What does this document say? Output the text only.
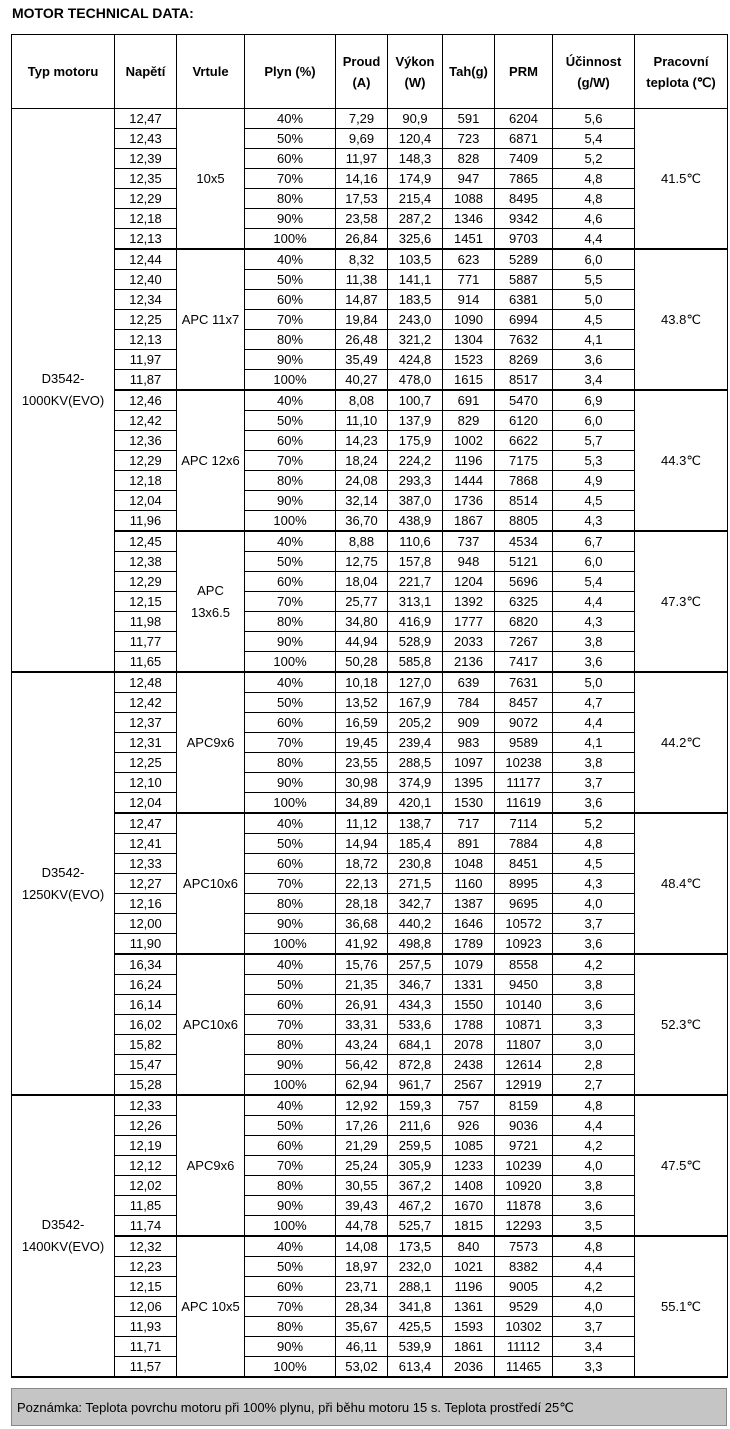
MOTOR TECHNICAL DATA:
Typ motoru	Napětí	Vrtule	Plyn (%)	Proud (A)	Výkon (W)	Tah(g)	PRM	Účinnost (g/W)	Pracovní teplota (℃)
D3542-1000KV(EVO)	12,47	10x5	40%	7,29	90,9	591	6204	5,6	41.5℃
	12,43		50%	9,69	120,4	723	6871	5,4	
	12,39		60%	11,97	148,3	828	7409	5,2	
	12,35		70%	14,16	174,9	947	7865	4,8	
	12,29		80%	17,53	215,4	1088	8495	4,8	
	12,18		90%	23,58	287,2	1346	9342	4,6	
	12,13		100%	26,84	325,6	1451	9703	4,4	
	12,44	APC 11x7	40%	8,32	103,5	623	5289	6,0	43.8℃
	12,40		50%	11,38	141,1	771	5887	5,5	
	12,34		60%	14,87	183,5	914	6381	5,0	
	12,25		70%	19,84	243,0	1090	6994	4,5	
	12,13		80%	26,48	321,2	1304	7632	4,1	
	11,97		90%	35,49	424,8	1523	8269	3,6	
	11,87		100%	40,27	478,0	1615	8517	3,4	
	12,46	APC 12x6	40%	8,08	100,7	691	5470	6,9	44.3℃
	12,42		50%	11,10	137,9	829	6120	6,0	
	12,36		60%	14,23	175,9	1002	6622	5,7	
	12,29		70%	18,24	224,2	1196	7175	5,3	
	12,18		80%	24,08	293,3	1444	7868	4,9	
	12,04		90%	32,14	387,0	1736	8514	4,5	
	11,96		100%	36,70	438,9	1867	8805	4,3	
	12,45	APC 13x6.5	40%	8,88	110,6	737	4534	6,7	47.3℃
	12,38		50%	12,75	157,8	948	5121	6,0	
	12,29		60%	18,04	221,7	1204	5696	5,4	
	12,15		70%	25,77	313,1	1392	6325	4,4	
	11,98		80%	34,80	416,9	1777	6820	4,3	
	11,77		90%	44,94	528,9	2033	7267	3,8	
	11,65		100%	50,28	585,8	2136	7417	3,6	
D3542-1250KV(EVO)	12,48	APC9x6	40%	10,18	127,0	639	7631	5,0	44.2℃
	12,42		50%	13,52	167,9	784	8457	4,7	
	12,37		60%	16,59	205,2	909	9072	4,4	
	12,31		70%	19,45	239,4	983	9589	4,1	
	12,25		80%	23,55	288,5	1097	10238	3,8	
	12,10		90%	30,98	374,9	1395	11177	3,7	
	12,04		100%	34,89	420,1	1530	11619	3,6	
	12,47	APC10x6	40%	11,12	138,7	717	7114	5,2	48.4℃
	12,41		50%	14,94	185,4	891	7884	4,8	
	12,33		60%	18,72	230,8	1048	8451	4,5	
	12,27		70%	22,13	271,5	1160	8995	4,3	
	12,16		80%	28,18	342,7	1387	9695	4,0	
	12,00		90%	36,68	440,2	1646	10572	3,7	
	11,90		100%	41,92	498,8	1789	10923	3,6	
	16,34	APC10x6	40%	15,76	257,5	1079	8558	4,2	52.3℃
	16,24		50%	21,35	346,7	1331	9450	3,8	
	16,14		60%	26,91	434,3	1550	10140	3,6	
	16,02		70%	33,31	533,6	1788	10871	3,3	
	15,82		80%	43,24	684,1	2078	11807	3,0	
	15,47		90%	56,42	872,8	2438	12614	2,8	
	15,28		100%	62,94	961,7	2567	12919	2,7	
D3542-1400KV(EVO)	12,33	APC9x6	40%	12,92	159,3	757	8159	4,8	47.5℃
	12,26		50%	17,26	211,6	926	9036	4,4	
	12,19		60%	21,29	259,5	1085	9721	4,2	
	12,12		70%	25,24	305,9	1233	10239	4,0	
	12,02		80%	30,55	367,2	1408	10920	3,8	
	11,85		90%	39,43	467,2	1670	11878	3,6	
	11,74		100%	44,78	525,7	1815	12293	3,5	
	12,32	APC 10x5	40%	14,08	173,5	840	7573	4,8	55.1℃
	12,23		50%	18,97	232,0	1021	8382	4,4	
	12,15		60%	23,71	288,1	1196	9005	4,2	
	12,06		70%	28,34	341,8	1361	9529	4,0	
	11,93		80%	35,67	425,5	1593	10302	3,7	
	11,71		90%	46,11	539,9	1861	11112	3,4	
	11,57		100%	53,02	613,4	2036	11465	3,3	
Poznámka: Teplota povrchu motoru při 100% plynu, při běhu motoru 15 s. Teplota prostředí 25℃
